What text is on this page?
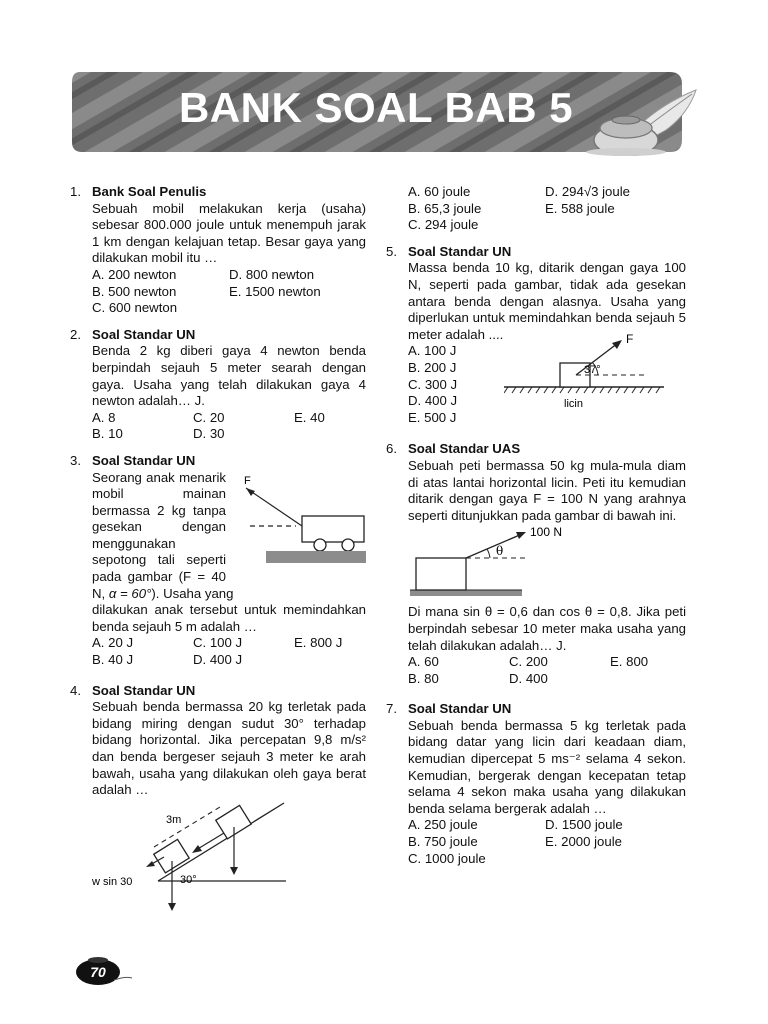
BANK SOAL BAB 5
1. Bank Soal Penulis
Sebuah mobil melakukan kerja (usaha) sebesar 800.000 joule untuk menempuh jarak 1 km dengan kelajuan tetap. Besar gaya yang dilakukan mobil itu …
A. 200 newton	D. 800 newton
B. 500 newton	E. 1500 newton
C. 600 newton
2. Soal Standar UN
Benda 2 kg diberi gaya 4 newton benda berpindah sejauh 5 meter searah dengan gaya. Usaha yang telah dilakukan gaya 4 newton adalah… J.
A. 8	C. 20	E. 40
B. 10	D. 30
3. Soal Standar UN
F
Seorang anak menarik mobil mainan bermassa 2 kg tanpa gesekan dengan menggunakan sepotong tali seperti pada gambar (F = 40 N, α = 60°). Usaha yang
dilakukan anak tersebut untuk memindahkan benda sejauh 5 m adalah …
A. 20 J	C. 100 J	E. 800 J
B. 40 J	D. 400 J
4. Soal Standar UN
Sebuah benda bermassa 20 kg terletak pada bidang miring dengan sudut 30° terhadap bidang horizontal. Jika percepatan 9,8 m/s² dan benda bergeser sejauh 3 meter ke arah bawah, usaha yang dilakukan oleh gaya berat adalah …
3m
w sin 30	30°
A. 60 joule	D. 294√3 joule
B. 65,3 joule	E. 588 joule
C. 294 joule
5. Soal Standar UN
Massa benda 10 kg, ditarik dengan gaya 100 N, seperti pada gambar, tidak ada gesekan antara benda dengan alasnya. Usaha yang diperlukan untuk memindahkan benda sejauh 5 meter adalah ....
A. 100 J
B. 200 J
C. 300 J
D. 400 J
E. 500 J
F
37°
licin
6. Soal Standar UAS
Sebuah peti bermassa 50 kg mula-mula diam di atas lantai horizontal licin. Peti itu kemudian ditarik dengan gaya F = 100 N yang arahnya seperti ditunjukkan pada gambar di bawah ini.
100 N
θ
Di mana sin θ = 0,6 dan cos θ = 0,8. Jika peti berpindah sebesar 10 meter maka usaha yang telah dilakukan adalah… J.
A. 60	C. 200	E. 800
B. 80	D. 400
7. Soal Standar UN
Sebuah benda bermassa 5 kg terletak pada bidang datar yang licin dari keadaan diam, kemudian dipercepat 5 ms⁻² selama 4 sekon. Kemudian, bergerak dengan kecepatan tetap selama 4 sekon maka usaha yang dilakukan benda selama bergerak adalah …
A. 250 joule	D. 1500 joule
B. 750 joule	E. 2000 joule
C. 1000 joule
70
